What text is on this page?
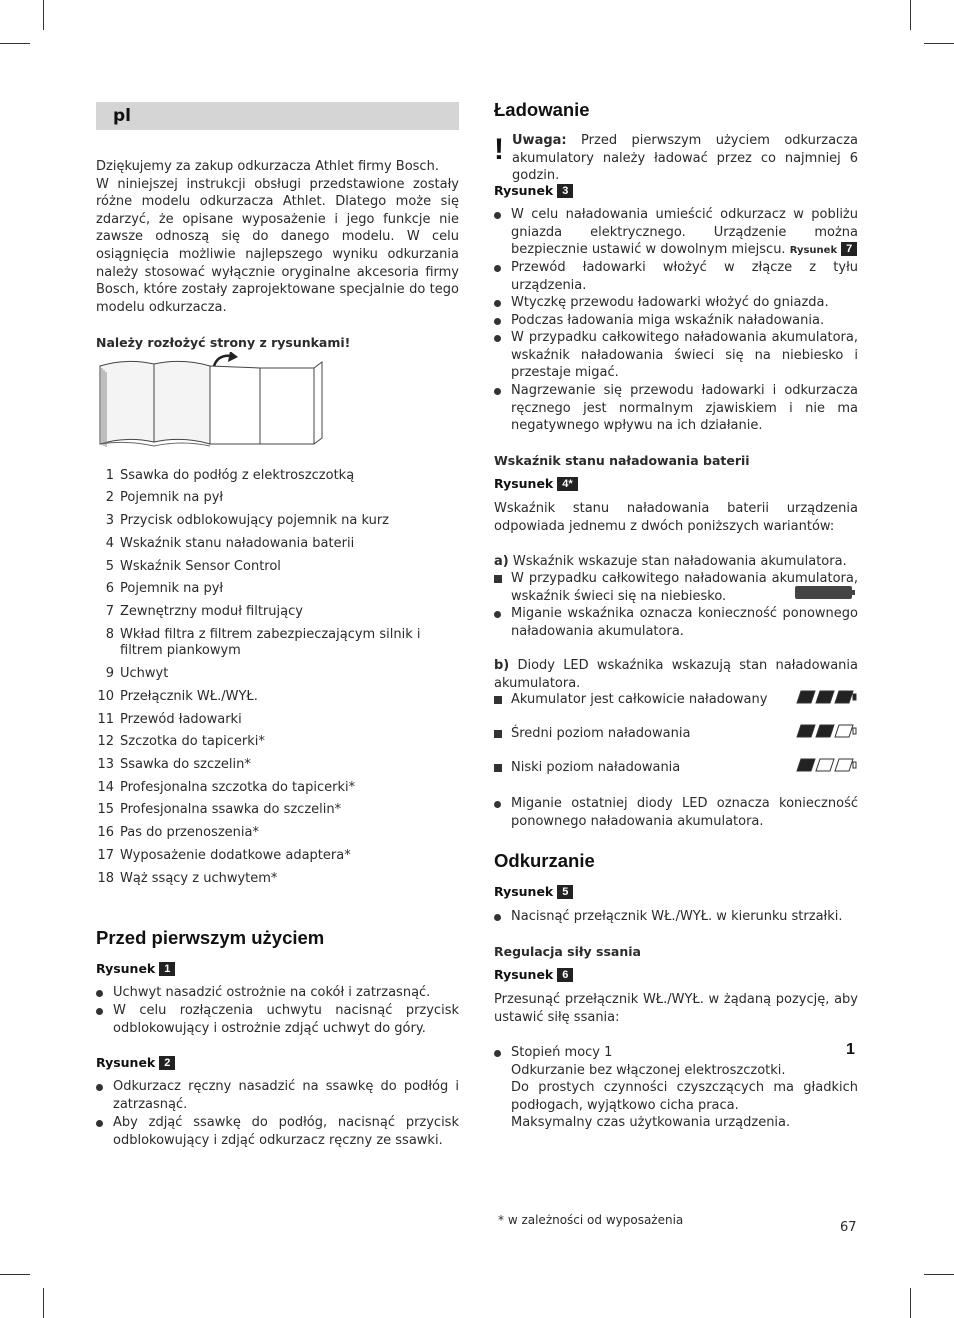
pl
Dziękujemy za zakup odkurzacza Athlet firmy Bosch.
W niniejszej instrukcji obsługi przedstawione zostały różne modelu odkurzacza Athlet. Dlatego może się zdarzyć, że opisane wyposażenie i jego funkcje nie zawsze odnoszą się do danego modelu. W celu osiągnięcia możliwie najlepszego wyniku odkurzania należy stosować wyłącznie oryginalne akcesoria firmy Bosch, które zostały zaprojektowane specjalnie do tego modelu odkurzacza.
Należy rozłożyć strony z rysunkami!
1 Ssawka do podłóg z elektroszczotką
2 Pojemnik na pył
3 Przycisk odblokowujący pojemnik na kurz
4 Wskaźnik stanu naładowania baterii
5 Wskaźnik Sensor Control
6 Pojemnik na pył
7 Zewnętrzny moduł filtrujący
8 Wkład filtra z filtrem zabezpieczającym silnik i filtrem piankowym
9 Uchwyt
10 Przełącznik WŁ./WYŁ.
11 Przewód ładowarki
12 Szczotka do tapicerki*
13 Ssawka do szczelin*
14 Profesjonalna szczotka do tapicerki*
15 Profesjonalna ssawka do szczelin*
16 Pas do przenoszenia*
17 Wyposażenie dodatkowe adaptera*
18 Wąż ssący z uchwytem*
Przed pierwszym użyciem
Rysunek 1
Uchwyt nasadzić ostrożnie na cokół i zatrzasnąć.
W celu rozłączenia uchwytu nacisnąć przycisk odblokowujący i ostrożnie zdjąć uchwyt do góry.
Rysunek 2
Odkurzacz ręczny nasadzić na ssawkę do podłóg i zatrzasnąć.
Aby zdjąć ssawkę do podłóg, nacisnąć przycisk odblokowujący i zdjąć odkurzacz ręczny ze ssawki.
Ładowanie
! Uwaga: Przed pierwszym użyciem odkurzacza akumulatory należy ładować przez co najmniej 6 godzin.
Rysunek 3
W celu naładowania umieścić odkurzacz w pobliżu gniazda elektrycznego. Urządzenie można bezpiecznie ustawić w dowolnym miejscu. Rysunek 7
Przewód ładowarki włożyć w złącze z tyłu urządzenia.
Wtyczkę przewodu ładowarki włożyć do gniazda.
Podczas ładowania miga wskaźnik naładowania.
W przypadku całkowitego naładowania akumulatora, wskaźnik naładowania świeci się na niebiesko i przestaje migać.
Nagrzewanie się przewodu ładowarki i odkurzacza ręcznego jest normalnym zjawiskiem i nie ma negatywnego wpływu na ich działanie.
Wskaźnik stanu naładowania baterii
Rysunek 4*
Wskaźnik stanu naładowania baterii urządzenia odpowiada jednemu z dwóch poniższych wariantów:
a) Wskaźnik wskazuje stan naładowania akumulatora.
W przypadku całkowitego naładowania akumulatora, wskaźnik świeci się na niebiesko.
Miganie wskaźnika oznacza konieczność ponownego naładowania akumulatora.
b) Diody LED wskaźnika wskazują stan naładowania akumulatora.
Akumulator jest całkowicie naładowany
Średni poziom naładowania
Niski poziom naładowania
Miganie ostatniej diody LED oznacza konieczność ponownego naładowania akumulatora.
Odkurzanie
Rysunek 5
Nacisnąć przełącznik WŁ./WYŁ. w kierunku strzałki.
Regulacja siły ssania
Rysunek 6
Przesunąć przełącznik WŁ./WYŁ. w żądaną pozycję, aby ustawić siłę ssania:
Stopień mocy 1
Odkurzanie bez włączonej elektroszczotki.
Do prostych czynności czyszczących ma gładkich podłogach, wyjątkowo cicha praca.
Maksymalny czas użytkowania urządzenia.
1
* w zależności od wyposażenia	67
